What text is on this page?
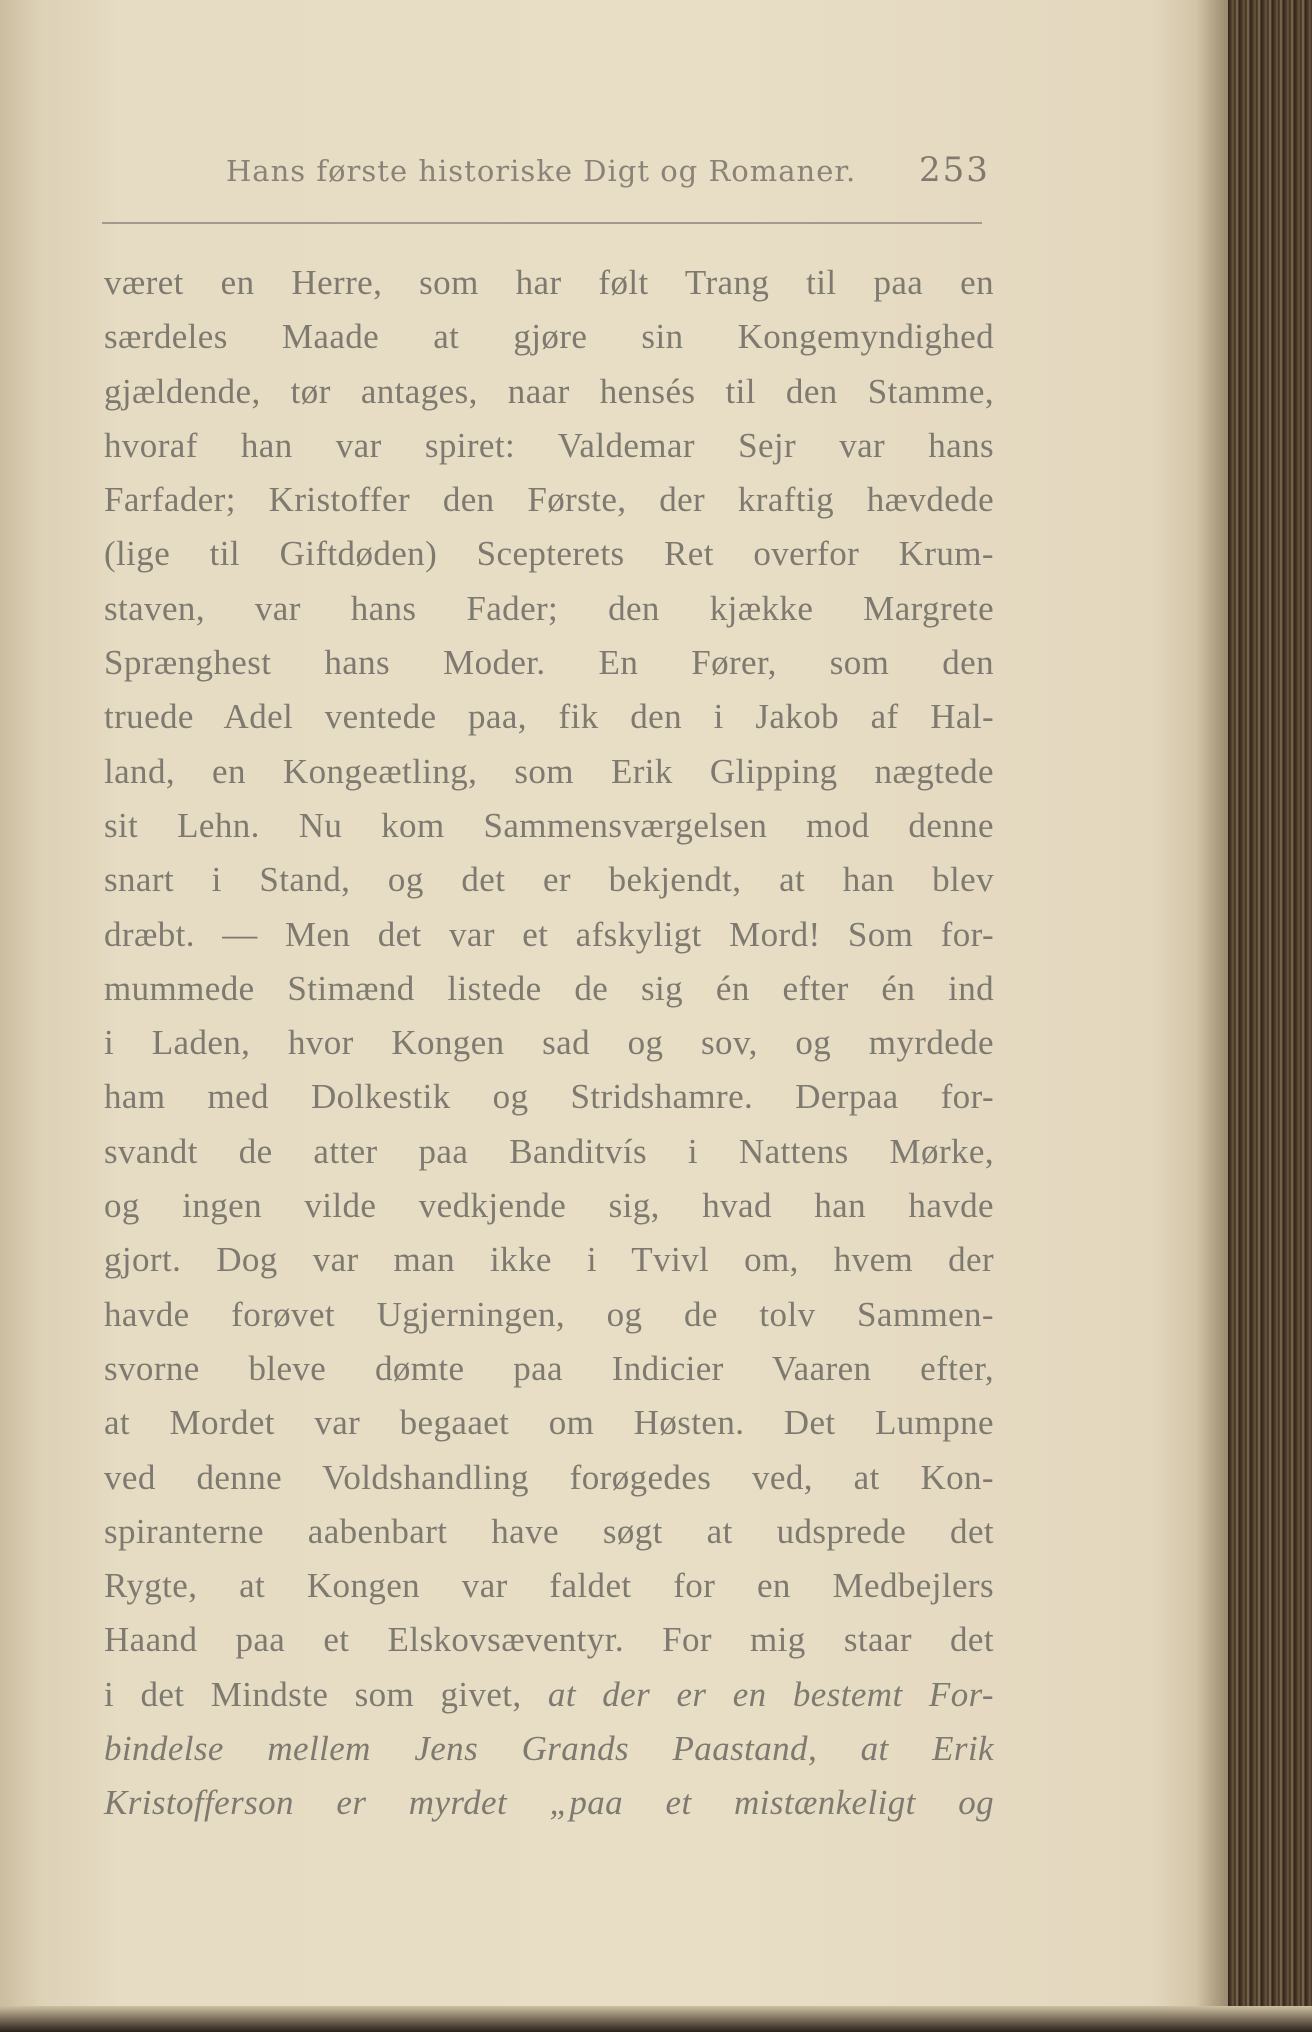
Hans første historiske Digt og Romaner. 253
været en Herre, som har følt Trang til paa en
særdeles Maade at gjøre sin Kongemyndighed
gjældende, tør antages, naar hensés til den Stamme,
hvoraf han var spiret: Valdemar Sejr var hans
Farfader; Kristoffer den Første, der kraftig hævdede
(lige til Giftdøden) Scepterets Ret overfor Krum-
staven, var hans Fader; den kjække Margrete
Sprænghest hans Moder. En Fører, som den
truede Adel ventede paa, fik den i Jakob af Hal-
land, en Kongeætling, som Erik Glipping nægtede
sit Lehn. Nu kom Sammensværgelsen mod denne
snart i Stand, og det er bekjendt, at han blev
dræbt. — Men det var et afskyligt Mord! Som for-
mummede Stimænd listede de sig én efter én ind
i Laden, hvor Kongen sad og sov, og myrdede
ham med Dolkestik og Stridshamre. Derpaa for-
svandt de atter paa Banditvís i Nattens Mørke,
og ingen vilde vedkjende sig, hvad han havde
gjort. Dog var man ikke i Tvivl om, hvem der
havde forøvet Ugjerningen, og de tolv Sammen-
svorne bleve dømte paa Indicier Vaaren efter,
at Mordet var begaaet om Høsten. Det Lumpne
ved denne Voldshandling forøgedes ved, at Kon-
spiranterne aabenbart have søgt at udsprede det
Rygte, at Kongen var faldet for en Medbejlers
Haand paa et Elskovsæventyr. For mig staar det
i det Mindste som givet, at der er en bestemt For-
bindelse mellem Jens Grands Paastand, at Erik
Kristofferson er myrdet „paa et mistænkeligt og
